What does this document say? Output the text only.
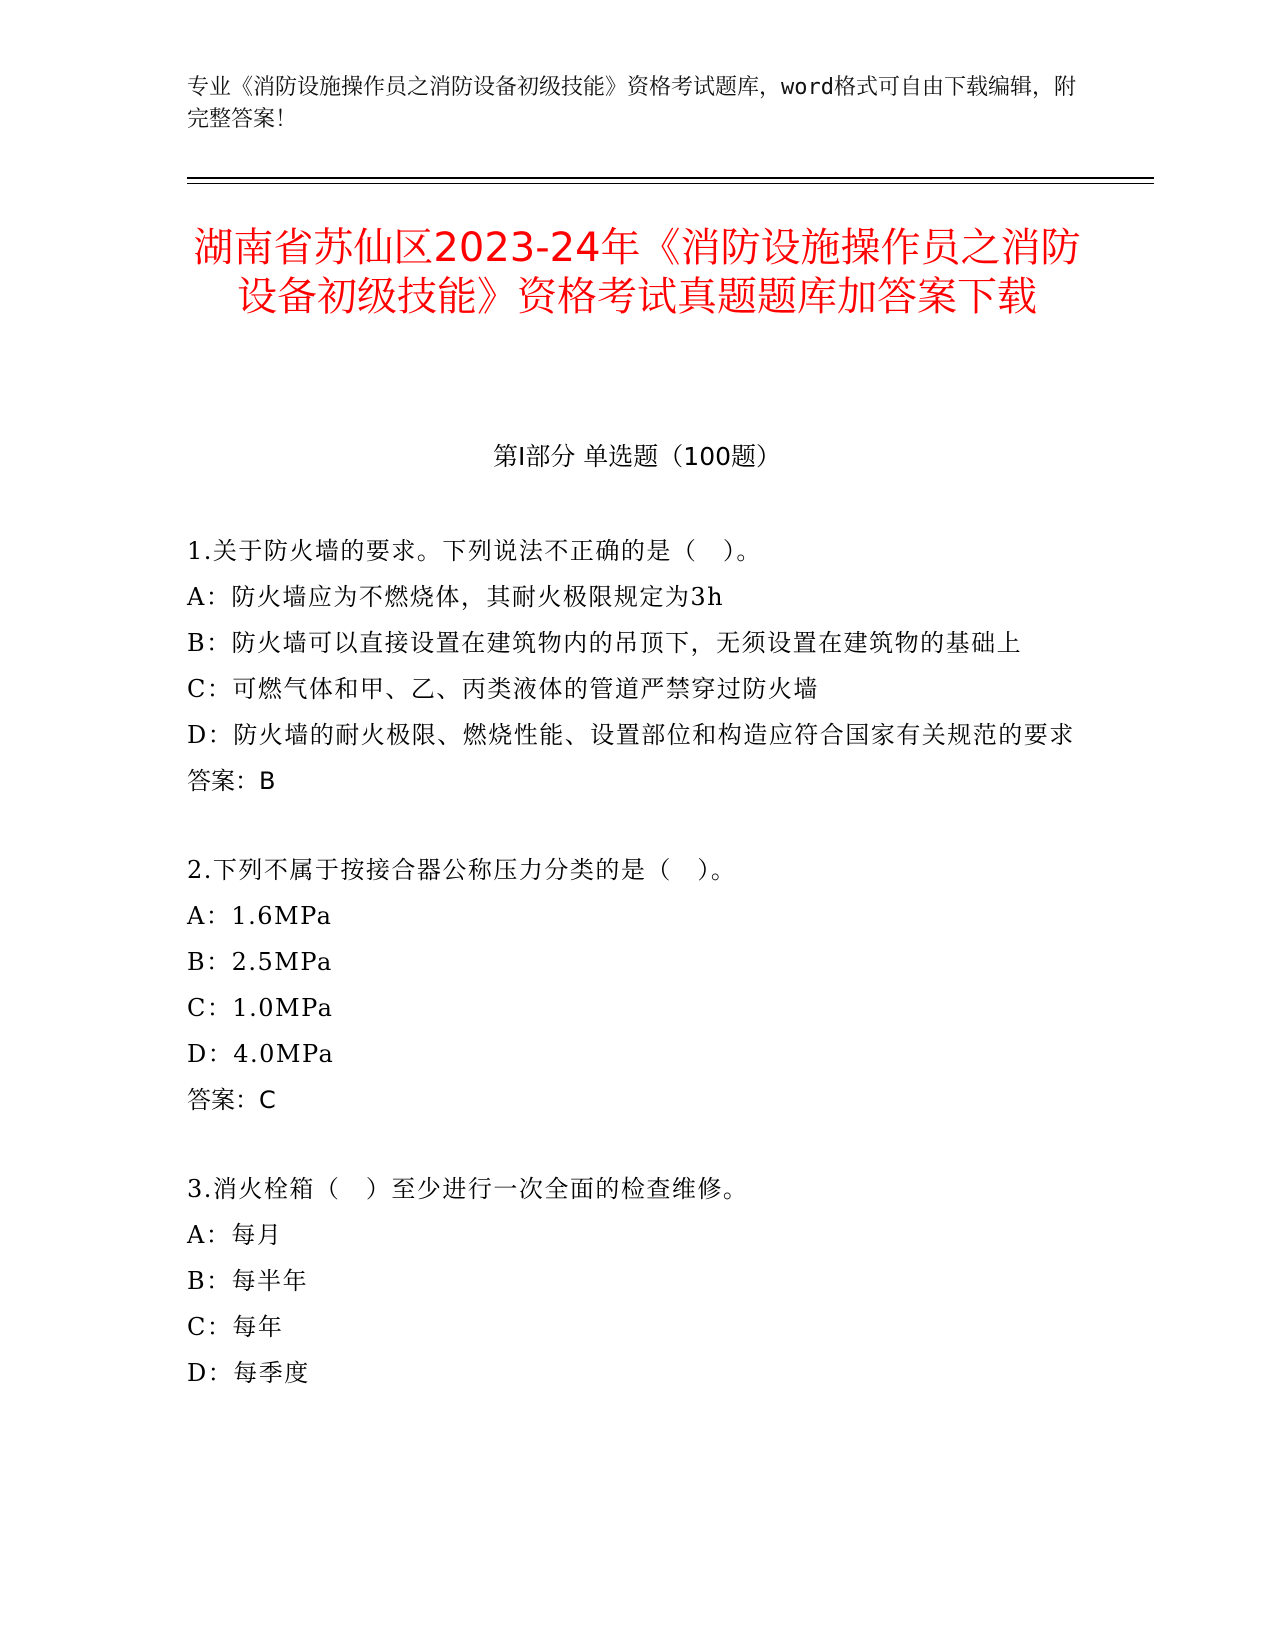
专业《消防设施操作员之消防设备初级技能》资格考试题库，word格式可自由下载编辑，附完整答案！
湖南省苏仙区2023-24年《消防设施操作员之消防设备初级技能》资格考试真题题库加答案下载
第Ⅰ部分 单选题（100题）
1.关于防火墙的要求。下列说法不正确的是（　）。
A：防火墙应为不燃烧体，其耐火极限规定为3h
B：防火墙可以直接设置在建筑物内的吊顶下，无须设置在建筑物的基础上
C：可燃气体和甲、乙、丙类液体的管道严禁穿过防火墙
D：防火墙的耐火极限、燃烧性能、设置部位和构造应符合国家有关规范的要求
答案：B
2.下列不属于按接合器公称压力分类的是（　）。
A：1.6MPa
B：2.5MPa
C：1.0MPa
D：4.0MPa
答案：C
3.消火栓箱（　）至少进行一次全面的检查维修。
A：每月
B：每半年
C：每年
D：每季度
